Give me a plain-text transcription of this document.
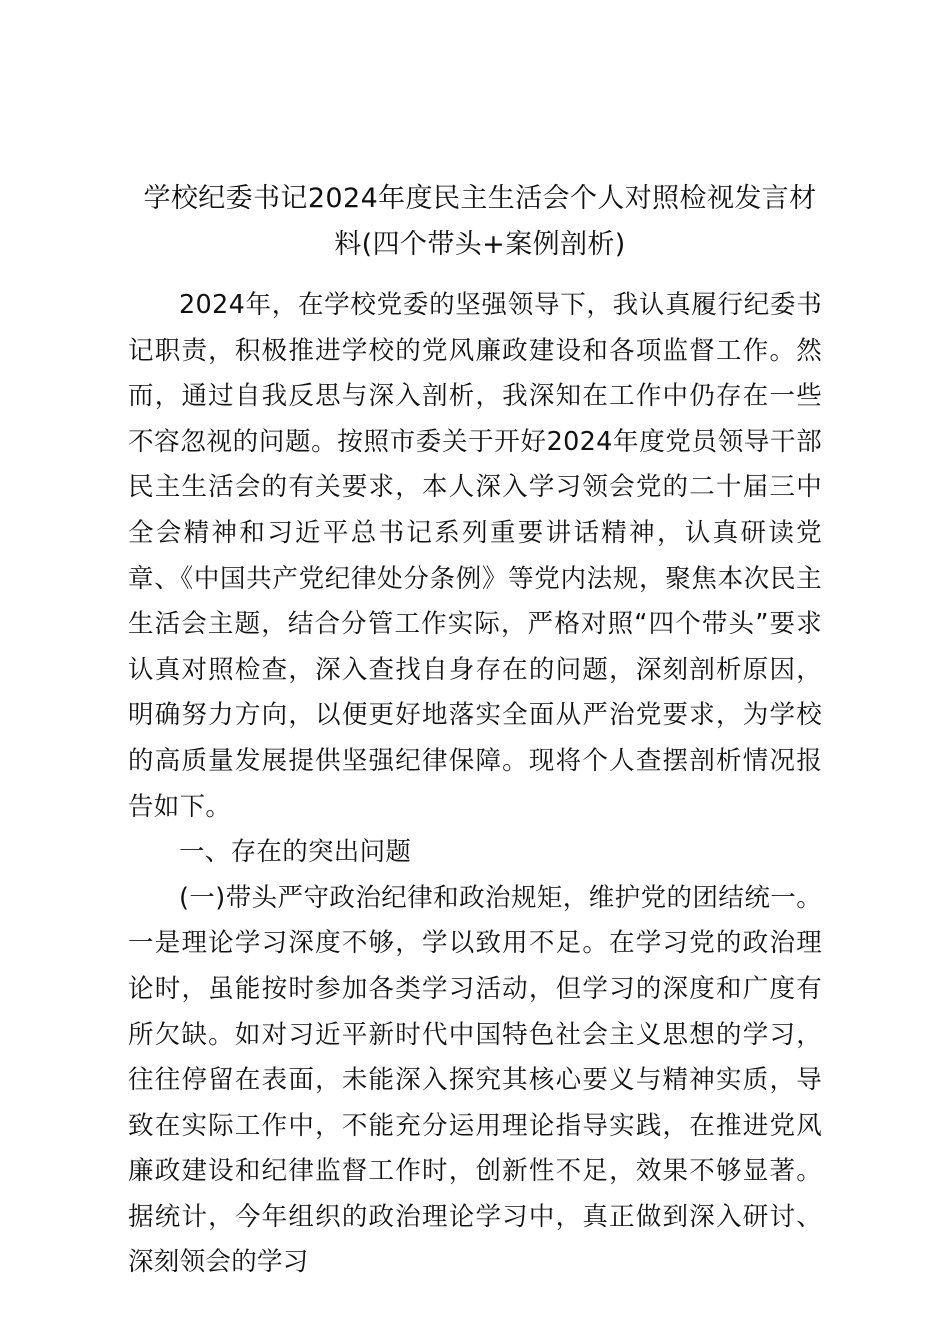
学校纪委书记2024年度民主生活会个人对照检视发言材料(四个带头+案例剖析)

2024年，在学校党委的坚强领导下，我认真履行纪委书记职责，积极推进学校的党风廉政建设和各项监督工作。然而，通过自我反思与深入剖析，我深知在工作中仍存在一些不容忽视的问题。按照市委关于开好2024年度党员领导干部民主生活会的有关要求，本人深入学习领会党的二十届三中全会精神和习近平总书记系列重要讲话精神，认真研读党章、《中国共产党纪律处分条例》等党内法规，聚焦本次民主生活会主题，结合分管工作实际，严格对照“四个带头”要求认真对照检查，深入查找自身存在的问题，深刻剖析原因，明确努力方向，以便更好地落实全面从严治党要求，为学校的高质量发展提供坚强纪律保障。现将个人查摆剖析情况报告如下。

一、存在的突出问题

(一)带头严守政治纪律和政治规矩，维护党的团结统一。一是理论学习深度不够，学以致用不足。在学习党的政治理论时，虽能按时参加各类学习活动，但学习的深度和广度有所欠缺。如对习近平新时代中国特色社会主义思想的学习，往往停留在表面，未能深入探究其核心要义与精神实质，导致在实际工作中，不能充分运用理论指导实践，在推进党风廉政建设和纪律监督工作时，创新性不足，效果不够显著。据统计，今年组织的政治理论学习中，真正做到深入研讨、深刻领会的学习
